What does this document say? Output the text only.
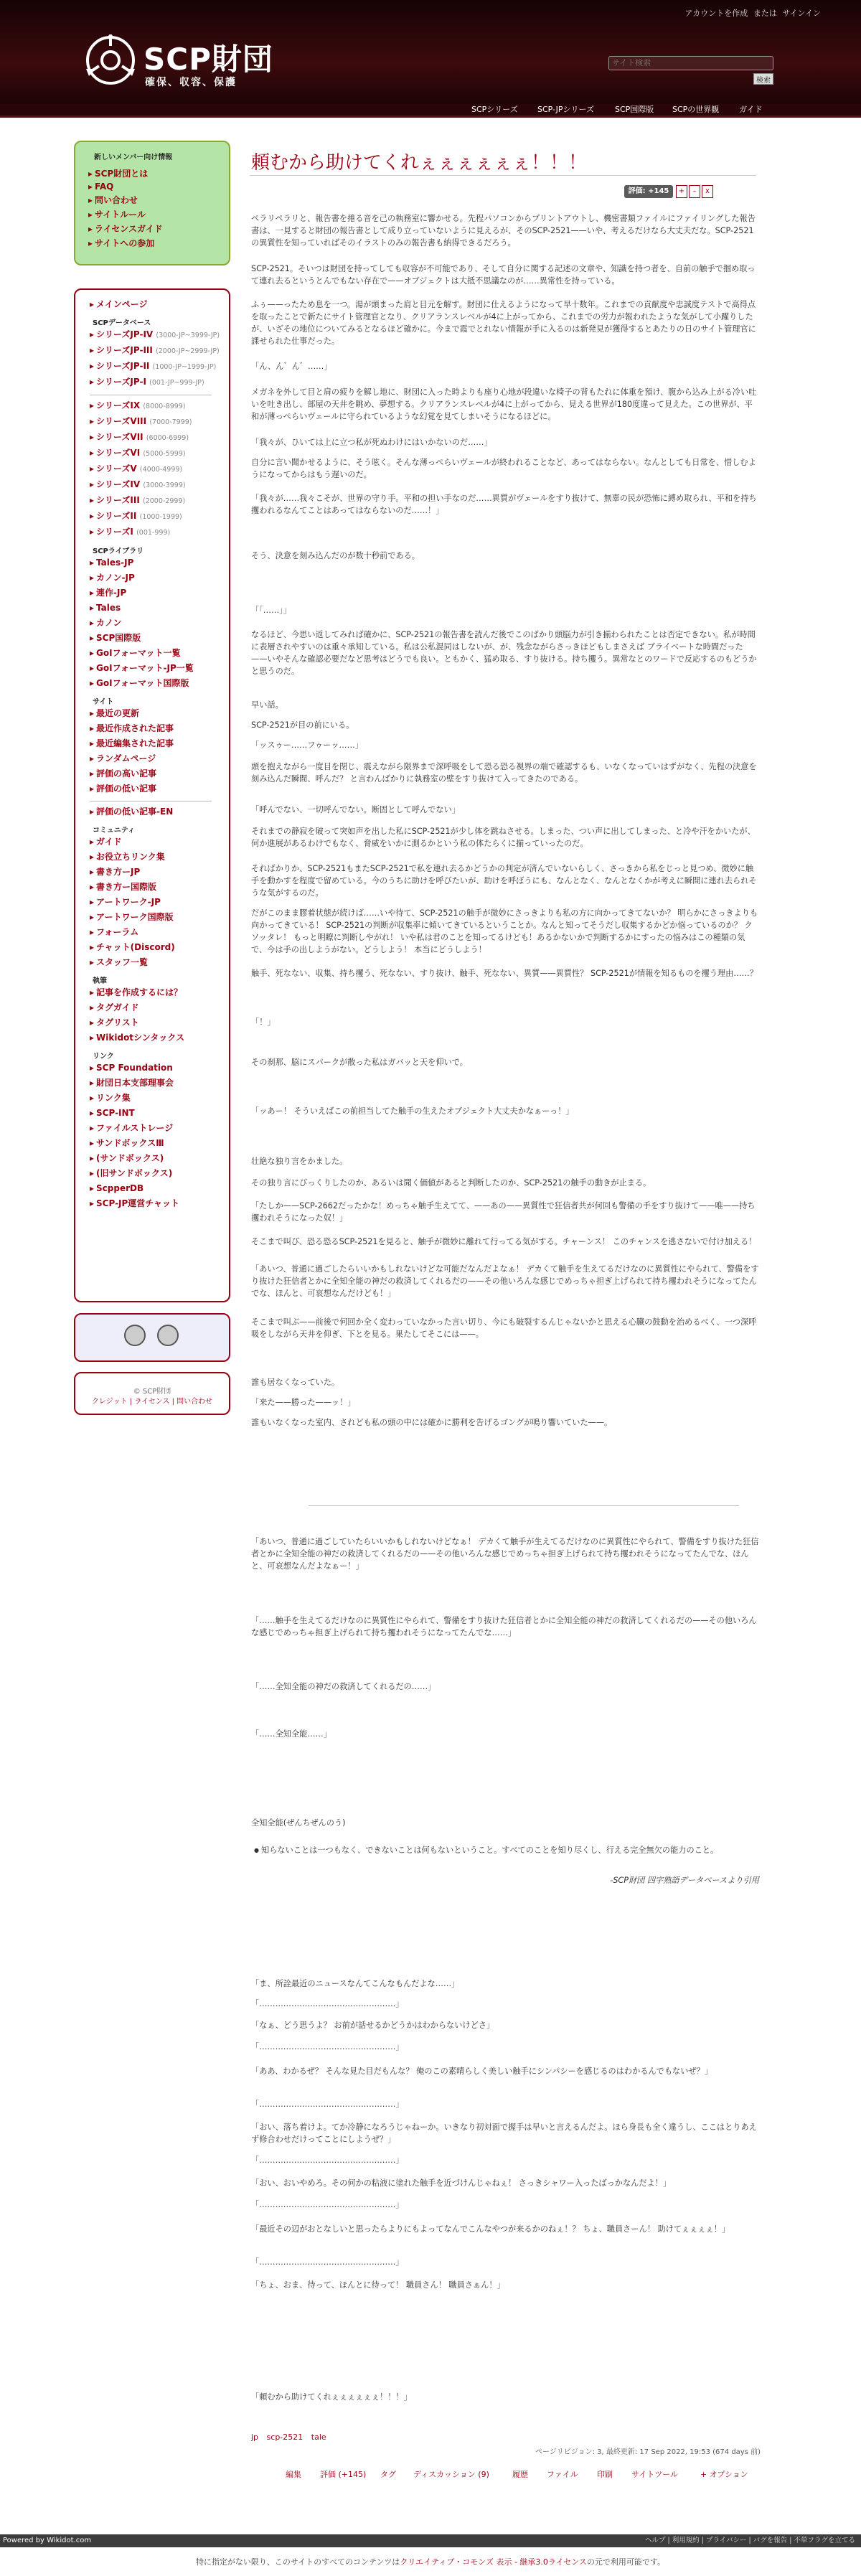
アカウントを作成 または サインイン
SCP財団
確保、収容、保護
サイト検索	検索
SCPシリーズ SCP-JPシリーズ	SCP国際版 SCPの世界観	ガイド
新しいメンバー向け情報
▸ SCP財団とは
▸ FAQ
▸ 問い合わせ
▸ サイトルール
▸ ライセンスガイド
▸ サイトへの参加
▸ メインページ
SCPデータベース
▸ シリーズJP-IV (3000-JP~3999-JP)
▸ シリーズJP-III (2000-JP~2999-JP)
▸ シリーズJP-II (1000-JP~1999-JP)
▸ シリーズJP-I (001-JP~999-JP)
▸ シリーズIX (8000-8999)
▸ シリーズVIII (7000-7999)
▸ シリーズVII (6000-6999)
▸ シリーズVI (5000-5999)
▸ シリーズV (4000-4999)
▸ シリーズIV (3000-3999)
▸ シリーズIII (2000-2999)
▸ シリーズII (1000-1999)
▸ シリーズI (001-999)
SCPライブラリ
▸ Tales-JP
▸ カノン-JP
▸ 連作-JP
▸ Tales
▸ カノン
▸ SCP国際版
▸ GoIフォーマット一覧
▸ GoIフォーマット-JP一覧
▸ GoIフォーマット国際版
サイト
▸ 最近の更新
▸ 最近作成された記事
▸ 最近編集された記事
▸ ランダムページ
▸ 評価の高い記事
▸ 評価の低い記事
▸ 評価の低い記事-EN
コミュニティ
▸ ガイド
▸ お役立ちリンク集
▸ 書き方ーJP
▸ 書き方ー国際版
▸ アートワーク-JP
▸ アートワーク国際版
▸ フォーラム
▸ チャット(Discord)
▸ スタッフ一覧
執筆
▸ 記事を作成するには？
▸ タグガイド
▸ タグリスト
▸ Wikidotシンタックス
リンク
▸ SCP Foundation
▸ 財団日本支部理事会
▸ リンク集
▸ SCP-INT
▸ ファイルストレージ
▸ サンドボックスⅢ
▸ (サンドボックス)
▸ (旧サンドボックス)
▸ ScpperDB
▸ SCP-JP運営チャット
© SCP財団
クレジット | ライセンス | 問い合わせ
頼むから助けてくれぇぇぇぇぇぇ！！！
評価: +145	+	–	x

ペラリペラリと、報告書を捲る音を己の執務室に響かせる。先程パソコンからプリントアウトし、機密書類ファイルにファイリングした報告書は、一見すると財団の報告書として成り立っていないように見えるが、そのSCP-2521——いや、考えるだけなら大丈夫だな。SCP-2521の異質性を知っていればそのイラストのみの報告書も納得できるだろう。

SCP-2521。そいつは財団を持ってしても収容が不可能であり、そして自分に関する記述の文章や、知識を持つ者を、自前の触手で掴め取って連れ去るというとんでもない存在で——オブジェクトは大抵不思議なのが……異常性を持っている。

ふぅ——ったため息を一つ。湯が頭まった肩と目元を解す。財団に仕えるようになって早十数年。これまでの貢献度や忠誠度テストで高得点を取ったことで新たにサイト管理官となり、クリアランスレベルが4に上がってから、これまでの労力が報われたような気がして小躍りしたが、いざその地位についてみるとなるほど確かに。今まで霞でとれない情報が手に入るのは新発見が獲得するとあたりの日のサイト管理官に課せられた仕事だった。

「ん、ん゛ん゛……」

メガネを外して目と肩の疲りを解し地に、財団に入った時よりも座り心地が段違いな椅子の背もたれに体重を預け、腹から込み上がる冷い吐いを吐き出し、部屋の天井を眺め、夢想する。クリアランスレベルが4に上がってから、見える世界が180度違って見えた。この世界が、平和が薄っぺらいヴェールに守られているような幻覚を見てしまいそうになるほどに。

「我々が、ひいては上に立つ私が死ぬわけにはいかないのだ……」

自分に言い聞かせるように、そう呟く。そんな薄っぺらいヴェールが終われることなど、あってはならない。なんとしても日常を、惜しむようになってからはもう遅いのだ。

「我々が……我々こそが、世界の守り手。平和の担い手なのだ……異質がヴェールをすり抜けて、無辜の民が恐怖に縛め取られ、平和を持ち攫われるなんてことはあってはならないのだ……！」

そう、決意を刻み込んだのが数十秒前である。

「「……」」

なるほど、今思い返してみれば確かに、SCP-2521の報告書を読んだ後でこのばかり頭脳力が引き揃わられたことは否定できない。私が時間に表層されやすいのは重々承知している。私は公私混同はしないが、が、残念ながらさっきほどもしまさえば ブライベートな時間だった——いやそんな確認必要だなど思考はどうでも良い。ともかく、猛め取る、すり抜ける。持ち攫う。異常なとのワードで反応するのもどうかと思うのだ。

早い話。

SCP-2521が目の前にいる。

「ッスゥー……フゥーッ……」

頭を抱えながら一度目を閉じ、震えながら限界まで深呼吸をして恐る恐る視界の端で確認するも、いなくなっていはずがなく、先程の決意を刻み込んだ瞬間、呼んだ？ と言わんばかりに執務室の壁をすり抜けて入ってきたのである。

「呼んでない、一切呼んでない。断固として呼んでない」

それまでの静寂を破って突如声を出した私にSCP-2521が少し体を跳ねさせる。しまった、つい声に出してしまった、と冷や汗をかいたが、何か進展があるわけでもなく、脅威をいかに測るかという私の体たらくに揃っていったのだ。

そればかりか、SCP-2521もまたSCP-2521で私を連れ去るかどうかの判定が済んでいないらしく、さっきから私をじっと見つめ、微妙に触手を動かすを程度で留めている。今のうちに助けを呼びたいが、助けを呼ぼうにも、なんとなく、なんとなくかが考えに瞬間に連れ去られそうな気がするのだ。

だがこのまま膠着状態が続けば……いや待て、SCP-2521の触手が微妙にさっきよりも私の方に向かってきてないか？ 明らかにさっきよりも向かってきている！ SCP-2521の判断が収集率に傾いてきているということか。なんと知ってそうだし収集するかどか悩っているのか？ クソッタレ！ もっと明瞭に判断しやがれ！ いや私は君のことを知ってるけども！あるかないかで判断するかにすったの悩みはこの種類の気で、今は手の出しようがない。どうしよう！ 本当にどうしよう！

触手、死なない、収集、持ち攫う、死なない、すり抜け、触手、死なない、異質——異質性？ SCP-2521が情報を知るものを攫う理由……？

「！」

その刹那、脳にスパークが散った私はガバッと天を仰いで。

「ッあー！ そういえばこの前担当してた触手の生えたオブジェクト大丈夫かなぁーっ！」

壮絶な独り言をかました。

その独り言にびっくりしたのか、あるいは聞く価値があると判断したのか、SCP-2521の触手の動きが止まる。

「たしか——SCP-2662だったかな！めっちゃ触手生えてて、——あの——異質性で狂信者共が何回も警備の手をすり抜けて——唯——持ち攫われそうになった奴！」

そこまで叫び、恐る恐るSCP-2521を見ると、触手が微妙に離れて行ってる気がする。チャーンス！ このチャンスを逃さないで付け加える！

「あいつ、普通に過ごしたらいいかもしれないけどな可能だなんだよなぁ！ デカくて触手を生えてるだけなのに異質性にやられて、警備をすり抜けた狂信者とかに全知全能の神だの救済してくれるだの——その他いろんな感じでめっちゃ担ぎ上げられて持ち攫われそうになってたんでな、ほんと、可哀想なんだけども！」

そこまで叫ぶ——前後で何回か全く変わっていなかった言い切り、今にも破裂するんじゃないかと思える心臓の鼓動を治めるべく、一つ深呼吸をしながら天井を仰ぎ、下とを見る。果たしてそこには——。

誰も居なくなっていた。

「来た——勝った——ッ！」

誰もいなくなった室内、されども私の頭の中には確かに勝利を告げるゴングが鳴り響いていた——。

「あいつ、普通に過ごしていたらいいかもしれないけどなぁ！ デカくて触手が生えてるだけなのに異質性にやられて、警備をすり抜けた狂信者とかに全知全能の神だの救済してくれるだの——その他いろんな感じでめっちゃ担ぎ上げられて持ち攫われそうになってたんでな、ほんと、可哀想なんだよなぁー！」

「……触手を生えてるだけなのに異質性にやられて、警備をすり抜けた狂信者とかに全知全能の神だの救済してくれるだの——その他いろんな感じでめっちゃ担ぎ上げられて持ち攫われそうになってたんでな……」

「……全知全能の神だの救済してくれるだの……」

「……全知全能……」

全知全能(ぜんちぜんのう)

● 知らないことは一つもなく、できないことは何もないということ。すべてのことを知り尽くし、行える完全無欠の能力のこと。
-SCP財団 四字熟語データベースより引用

「ま、所詮最近のニュースなんてこんなもんだよな……」

「……………………………………………」

「なぁ、どう思うよ？ お前が話せるかどうかはわからないけどさ」

「……………………………………………」

「ああ、わかるぜ？ そんな見た目だもんな？ 俺のこの素晴らしく美しい触手にシンパシーを感じるのはわかるんでもないぜ？」

「……………………………………………」

「おい、落ち着けよ。てか冷静になろうじゃねーか。いきなり初対面で握手は早いと言えるんだよ。ほら身長も全く違うし、ここはとりあえず修合わせだけってことにしようぜ？」

「……………………………………………」

「おい、おいやめろ。その何かの粘液に塗れた触手を近づけんじゃねぇ！ さっきシャワー入ったばっかなんだよ！」

「……………………………………………」

「最近その辺がおとなしいと思ったらよりにもよってなんでこんなやつが来るかのねぇ！？ ちょ、職員さーん！ 助けてぇぇぇぇ！」

「……………………………………………」

「ちょ、おま、待って、ほんとに待って！ 職員さん！ 職員さぁん！」

「頼むから助けてくれぇぇぇぇぇぇ！！！」

jp scp-2521 tale
ページリビジョン: 3, 最終更新: 17 Sep 2022, 19:53 (674 days 前)
編集 評価 (+145) タグ ディスカッション (9)	履歴 ファイル 印刷 サイトツール	+ オプション
Powered by Wikidot.com	ヘルプ | 利用規約 | プライバシー | バグを報告 | 不単フラグを立てる
特に指定がない限り、このサイトのすべてのコンテンツはクリエイティブ・コモンズ 表示 - 継承3.0ライセンスの元で利用可能です。
